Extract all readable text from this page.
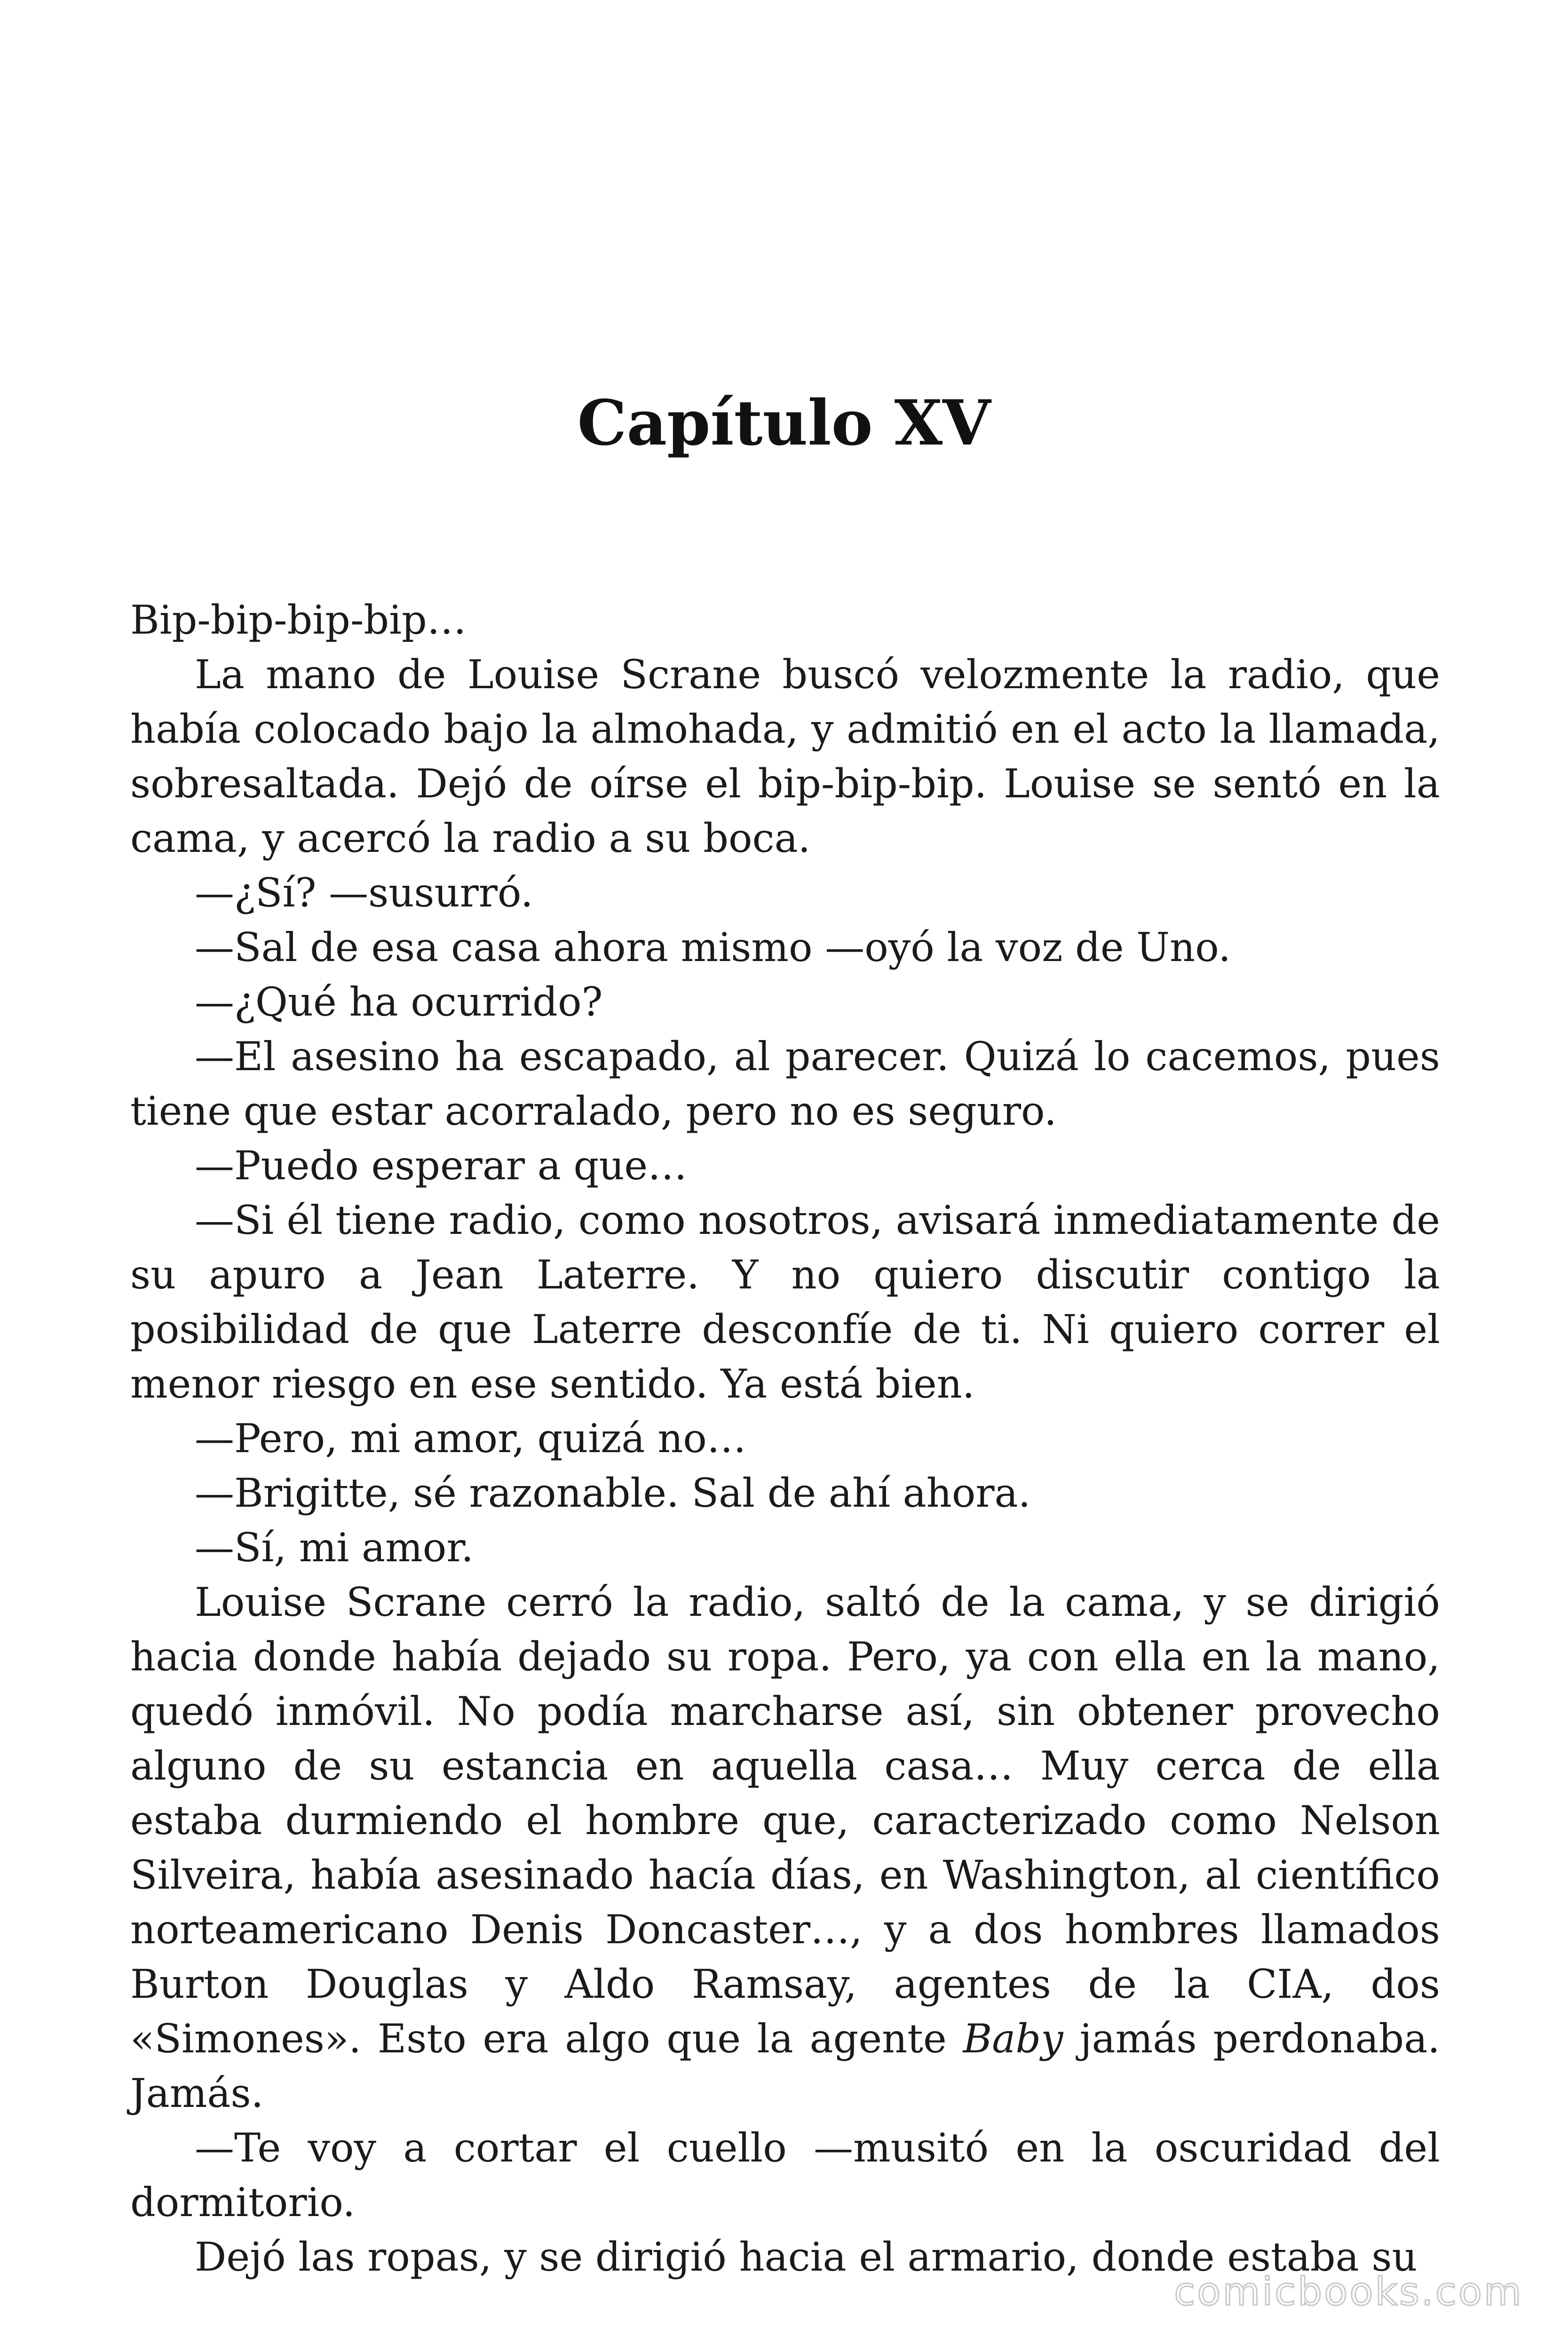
Capítulo XV

Bip-bip-bip-bip…

La mano de Louise Scrane buscó velozmente la radio, que había colocado bajo la almohada, y admitió en el acto la llamada, sobresaltada. Dejó de oírse el bip-bip-bip. Louise se sentó en la cama, y acercó la radio a su boca.

—¿Sí? —susurró.

—Sal de esa casa ahora mismo —oyó la voz de Uno.

—¿Qué ha ocurrido?

—El asesino ha escapado, al parecer. Quizá lo cacemos, pues tiene que estar acorralado, pero no es seguro.

—Puedo esperar a que…

—Si él tiene radio, como nosotros, avisará inmediatamente de su apuro a Jean Laterre. Y no quiero discutir contigo la posibilidad de que Laterre desconfíe de ti. Ni quiero correr el menor riesgo en ese sentido. Ya está bien.

—Pero, mi amor, quizá no…

—Brigitte, sé razonable. Sal de ahí ahora.

—Sí, mi amor.

Louise Scrane cerró la radio, saltó de la cama, y se dirigió hacia donde había dejado su ropa. Pero, ya con ella en la mano, quedó inmóvil. No podía marcharse así, sin obtener provecho alguno de su estancia en aquella casa… Muy cerca de ella estaba durmiendo el hombre que, caracterizado como Nelson Silveira, había asesinado hacía días, en Washington, al científico norteamericano Denis Doncaster…, y a dos hombres llamados Burton Douglas y Aldo Ramsay, agentes de la CIA, dos «Simones». Esto era algo que la agente Baby jamás perdonaba. Jamás.

—Te voy a cortar el cuello —musitó en la oscuridad del dormitorio.

Dejó las ropas, y se dirigió hacia el armario, donde estaba su

comicbooks.com
